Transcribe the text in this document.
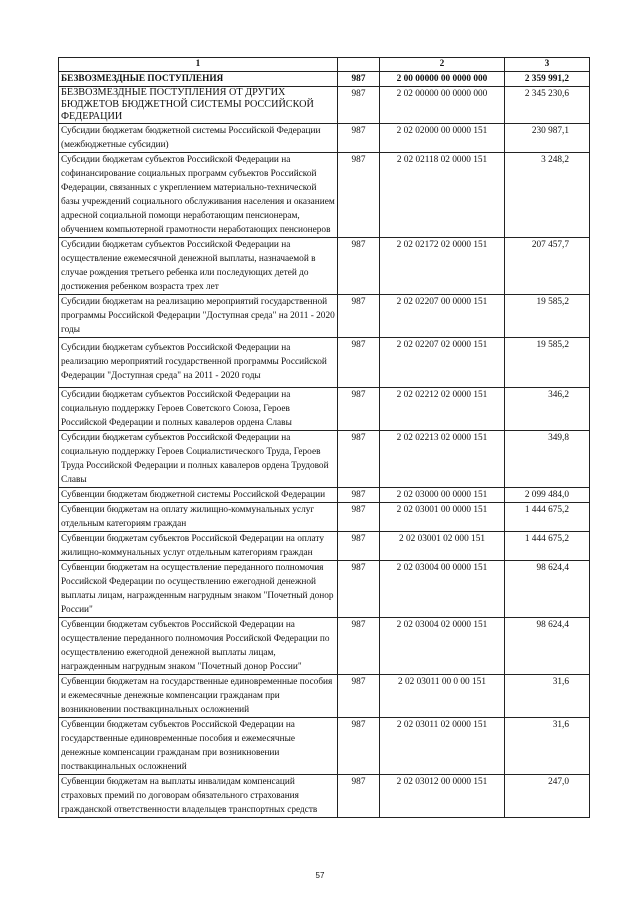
1		2	3
БЕЗВОЗМЕЗДНЫЕ ПОСТУПЛЕНИЯ	987	2 00 00000 00 0000 000	2 359 991,2
БЕЗВОЗМЕЗДНЫЕ ПОСТУПЛЕНИЯ ОТ ДРУГИХ БЮДЖЕТОВ БЮДЖЕТНОЙ СИСТЕМЫ РОССИЙСКОЙ ФЕДЕРАЦИИ	987	2 02 00000 00 0000 000	2 345 230,6
Субсидии бюджетам бюджетной системы Российской Федерации (межбюджетные субсидии)	987	2 02 02000 00 0000 151	230 987,1
Субсидии бюджетам субъектов Российской Федерации на софинансирование социальных программ субъектов Российской Федерации, связанных с укреплением материально-технической базы учреждений социального обслуживания населения и оказанием адресной социальной помощи неработающим пенсионерам, обучением компьютерной грамотности неработающих пенсионеров	987	2 02 02118 02 0000 151	3 248,2
Субсидии бюджетам субъектов Российской Федерации на осуществление ежемесячной денежной выплаты, назначаемой в случае рождения третьего ребенка или последующих детей до достижения ребенком возраста трех лет	987	2 02 02172 02 0000 151	207 457,7
Субсидии бюджетам на реализацию мероприятий государственной программы Российской Федерации "Доступная среда" на 2011 - 2020 годы	987	2 02 02207 00 0000 151	19 585,2
Субсидии бюджетам субъектов Российской Федерации на реализацию мероприятий государственной программы Российской Федерации "Доступная среда" на 2011 - 2020 годы	987	2 02 02207 02 0000 151	19 585,2
Субсидии бюджетам субъектов Российской Федерации на социальную поддержку Героев Советского Союза, Героев Российской Федерации и полных кавалеров ордена Славы	987	2 02 02212 02 0000 151	346,2
Субсидии бюджетам субъектов Российской Федерации на социальную поддержку Героев Социалистического Труда, Героев Труда Российской Федерации и полных кавалеров ордена Трудовой Славы	987	2 02 02213 02 0000 151	349,8
Субвенции бюджетам бюджетной системы Российской Федерации	987	2 02 03000 00 0000 151	2 099 484,0
Субвенции бюджетам на оплату жилищно-коммунальных услуг отдельным категориям граждан	987	2 02 03001 00 0000 151	1 444 675,2
Субвенции бюджетам субъектов Российской Федерации на оплату жилищно-коммунальных услуг отдельным категориям граждан	987	2 02 03001 02 000 151	1 444 675,2
Субвенции бюджетам на осуществление переданного полномочия Российской Федерации по осуществлению ежегодной денежной выплаты лицам, награжденным нагрудным знаком "Почетный донор России"	987	2 02 03004 00 0000 151	98 624,4
Субвенции бюджетам субъектов Российской Федерации на осуществление переданного полномочия Российской Федерации по осуществлению ежегодной денежной выплаты лицам, награжденным нагрудным знаком "Почетный донор России"	987	2 02 03004 02 0000 151	98 624,4
Субвенции бюджетам на государственные единовременные пособия и ежемесячные денежные компенсации гражданам при возникновении поствакцинальных осложнений	987	2 02 03011 00 0 00 151	31,6
Субвенции бюджетам субъектов Российской Федерации на государственные единовременные пособия и ежемесячные денежные компенсации гражданам при возникновении поствакцинальных осложнений	987	2 02 03011 02 0000 151	31,6
Субвенции бюджетам на выплаты инвалидам компенсаций страховых премий по договорам обязательного страхования гражданской ответственности владельцев транспортных средств	987	2 02 03012 00 0000 151	247,0
57
